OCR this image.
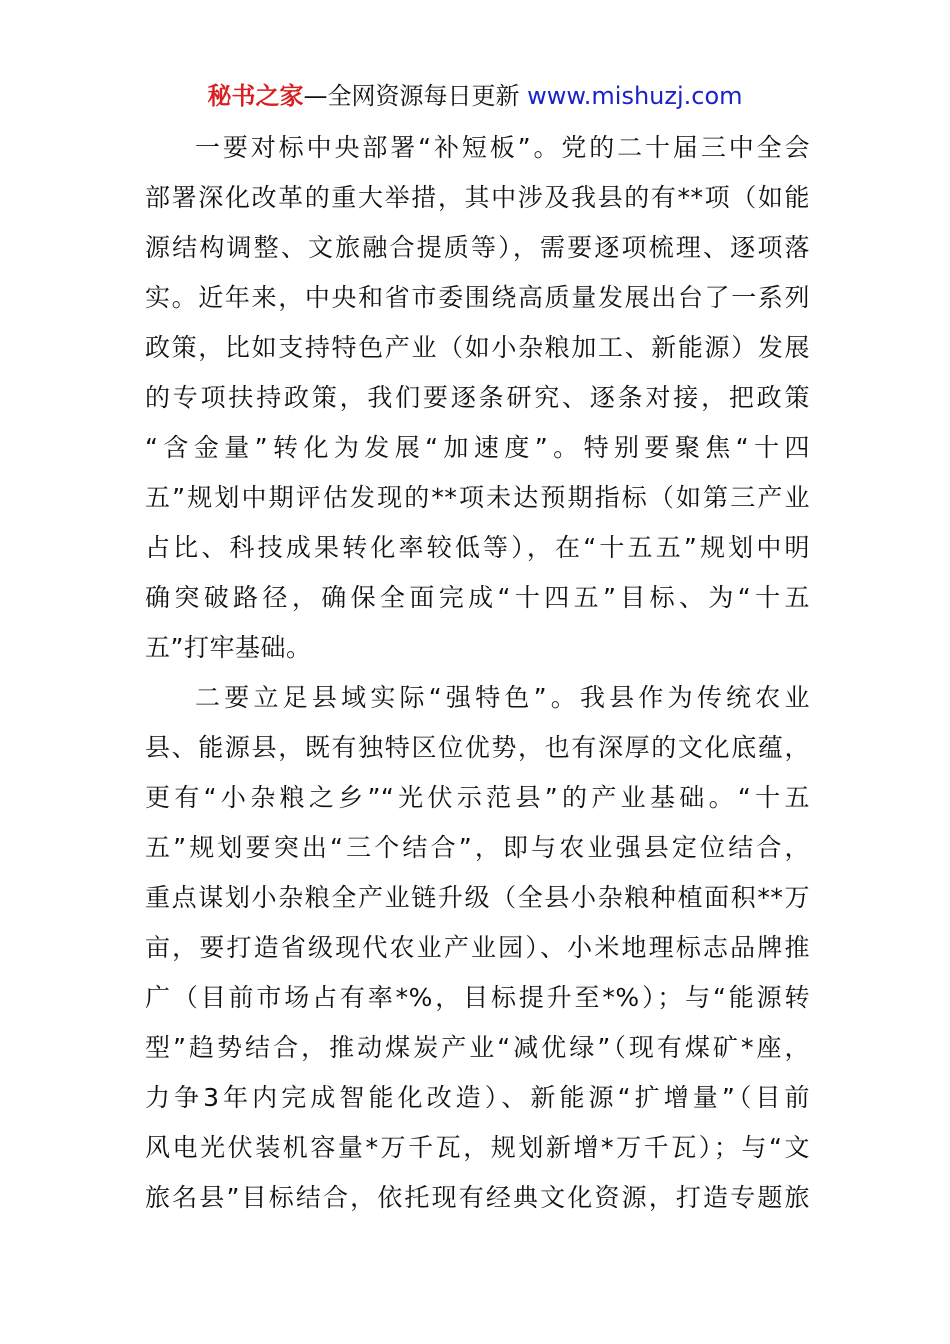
秘书之家—全网资源每日更新 www.mishuzj.com

一要对标中央部署“补短板”。党的二十届三中全会
部署深化改革的重大举措，其中涉及我县的有**项（如能
源结构调整、文旅融合提质等），需要逐项梳理、逐项落
实。近年来，中央和省市委围绕高质量发展出台了一系列
政策，比如支持特色产业（如小杂粮加工、新能源）发展
的专项扶持政策，我们要逐条研究、逐条对接，把政策
“含金量”转化为发展“加速度”。特别要聚焦“十四
五”规划中期评估发现的**项未达预期指标（如第三产业
占比、科技成果转化率较低等），在“十五五”规划中明
确突破路径，确保全面完成“十四五”目标、为“十五
五”打牢基础。

二要立足县域实际“强特色”。我县作为传统农业
县、能源县，既有独特区位优势，也有深厚的文化底蕴，
更有“小杂粮之乡”“光伏示范县”的产业基础。“十五
五”规划要突出“三个结合”，即与农业强县定位结合，
重点谋划小杂粮全产业链升级（全县小杂粮种植面积**万
亩，要打造省级现代农业产业园）、小米地理标志品牌推
广（目前市场占有率*%，目标提升至*%）；与“能源转
型”趋势结合，推动煤炭产业“减优绿”（现有煤矿*座，
力争3年内完成智能化改造）、新能源“扩增量”（目前
风电光伏装机容量*万千瓦，规划新增*万千瓦）；与“文
旅名县”目标结合，依托现有经典文化资源，打造专题旅
